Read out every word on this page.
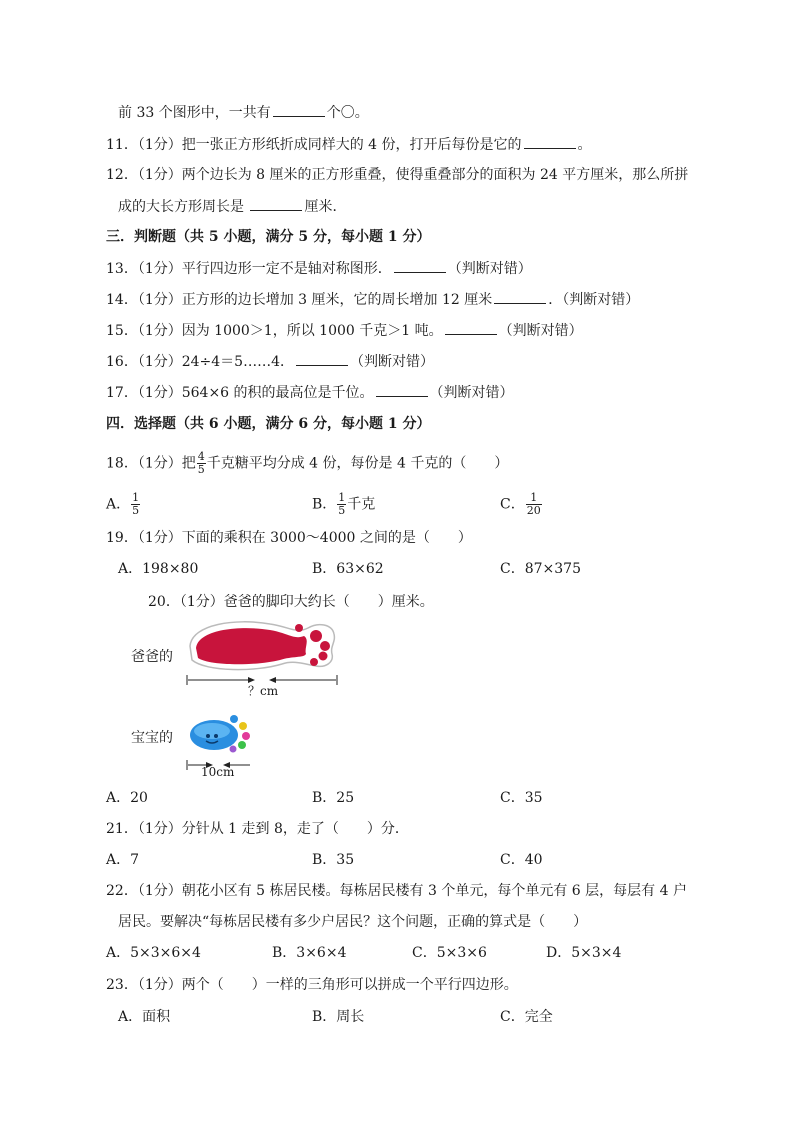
前 33 个图形中，一共有	个〇。
11．（1分）把一张正方形纸折成同样大的 4 份，打开后每份是它的	。
12．（1分）两个边长为 8 厘米的正方形重叠，使得重叠部分的面积为 24 平方厘米，那么所拼
成的大长方形周长是	厘米．
三．判断题（共 5 小题，满分 5 分，每小题 1 分）
13．（1分）平行四边形一定不是轴对称图形．	（判断对错）
14．（1分）正方形的边长增加 3 厘米，它的周长增加 12 厘米	．（判断对错）
15．（1分）因为 1000＞1，所以 1000 千克＞1 吨。	（判断对错）
16．（1分）24÷4＝5……4．	（判断对错）
17．（1分）564×6 的积的最高位是千位。	（判断对错）
四．选择题（共 6 小题，满分 6 分，每小题 1 分）
18．（1分）把 $\frac{4}{5}$ 千克糖平均分成 4 份，每份是 4 千克的（　　）
A． $\frac{1}{5}$	B． $\frac{1}{5}$ 千克	C． $\frac{1}{20}$
19．（1分）下面的乘积在 3000～4000 之间的是（　　）
A．198×80	B．63×62	C．87×375
20．（1分）爸爸的脚印大约长（　　）厘米。
爸爸的
？cm
宝宝的
10cm
A．20	B．25	C．35
21．（1分）分针从 1 走到 8，走了（　　）分．
A．7	B．35	C．40
22．（1分）朝花小区有 5 栋居民楼。每栋居民楼有 3 个单元，每个单元有 6 层，每层有 4 户
居民。要解决“每栋居民楼有多少户居民？这个问题，正确的算式是（　　）
A．5×3×6×4	B．3×6×4	C．5×3×6	D．5×3×4
23．（1分）两个（　　）一样的三角形可以拼成一个平行四边形。
A．面积	B．周长	C．完全
